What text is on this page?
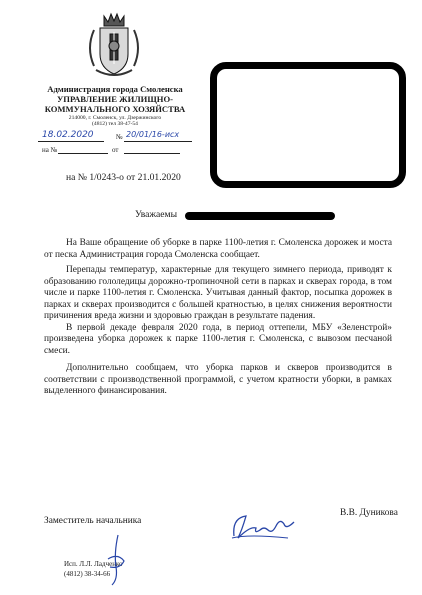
Администрация города Смоленска
УПРАВЛЕНИЕ ЖИЛИЩНО-
КОММУНАЛЬНОГО ХОЗЯЙСТВА
214000, г. Смоленск, ул. Дзержинского
(4812) тел 38-47-54
18.02.2020	№ 20/01/16-исх
на №	от
на № 1/0243-о от 21.01.2020
Уважаемы

На Ваше обращение об уборке в парке 1100-летия г. Смоленска дорожек и моста от песка Администрация города Смоленска сообщает.

Перепады температур, характерные для текущего зимнего периода, приводят к образованию гололедицы дорожно-тропиночной сети в парках и скверах города, в том числе и парке 1100-летия г. Смоленска. Учитывая данный фактор, посыпка дорожек в парках и скверах производится с большей кратностью, в целях снижения вероятности причинения вреда жизни и здоровью граждан в результате падения.

В первой декаде февраля 2020 года, в период оттепели, МБУ «Зеленстрой» произведена уборка дорожек к парке 1100-летия г. Смоленска, с вывозом песчаной смеси.

Дополнительно сообщаем, что уборка парков и скверов производится в соответствии с производственной программой, с учетом кратности уборки, в рамках выделенного финансирования.

Заместитель начальника
В.В. Дуникова
Исп. Л.Л. Ладченко
(4812) 38-34-66
